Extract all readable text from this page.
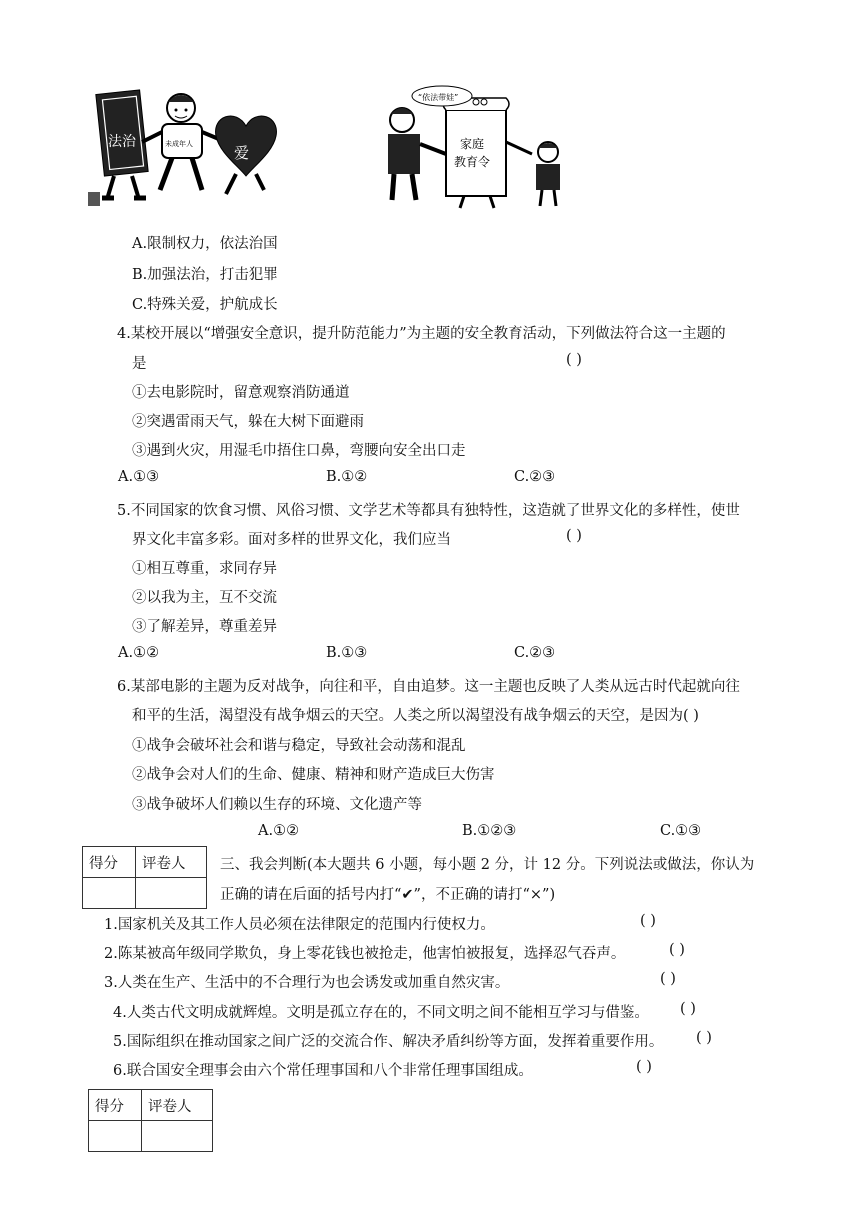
法治	未成年人	爱	家庭
教育令
“依法带娃”
A.限制权力，依法治国
B.加强法治，打击犯罪
C.特殊关爱，护航成长
4.某校开展以“增强安全意识，提升防范能力”为主题的安全教育活动，下列做法符合这一主题的
是	( )
①去电影院时，留意观察消防通道
②突遇雷雨天气，躲在大树下面避雨
③遇到火灾，用湿毛巾捂住口鼻，弯腰向安全出口走
A.①③	B.①②	C.②③
5.不同国家的饮食习惯、风俗习惯、文学艺术等都具有独特性，这造就了世界文化的多样性，使世
界文化丰富多彩。面对多样的世界文化，我们应当	( )
①相互尊重，求同存异
②以我为主，互不交流
③了解差异，尊重差异
A.①②	B.①③	C.②③
6.某部电影的主题为反对战争，向往和平，自由追梦。这一主题也反映了人类从远古时代起就向往
和平的生活，渴望没有战争烟云的天空。人类之所以渴望没有战争烟云的天空，是因为( )
①战争会破坏社会和谐与稳定，导致社会动荡和混乱
②战争会对人们的生命、健康、精神和财产造成巨大伤害
③战争破坏人们赖以生存的环境、文化遗产等
A.①②	B.①②③	C.①③
得分	评卷人
	三、我会判断(本大题共 6 小题，每小题 2 分，计 12 分。下列说法或做法，你认为
正确的请在后面的括号内打“✔”，不正确的请打“×”)
1.国家机关及其工作人员必须在法律限定的范围内行使权力。	( )
2.陈某被高年级同学欺负，身上零花钱也被抢走，他害怕被报复，选择忍气吞声。	( )
3.人类在生产、生活中的不合理行为也会诱发或加重自然灾害。	( )
4.人类古代文明成就辉煌。文明是孤立存在的，不同文明之间不能相互学习与借鉴。 ( )
5.国际组织在推动国家之间广泛的交流合作、解决矛盾纠纷等方面，发挥着重要作用。 ( )
6.联合国安全理事会由六个常任理事国和八个非常任理事国组成。	( )
得分	评卷人
